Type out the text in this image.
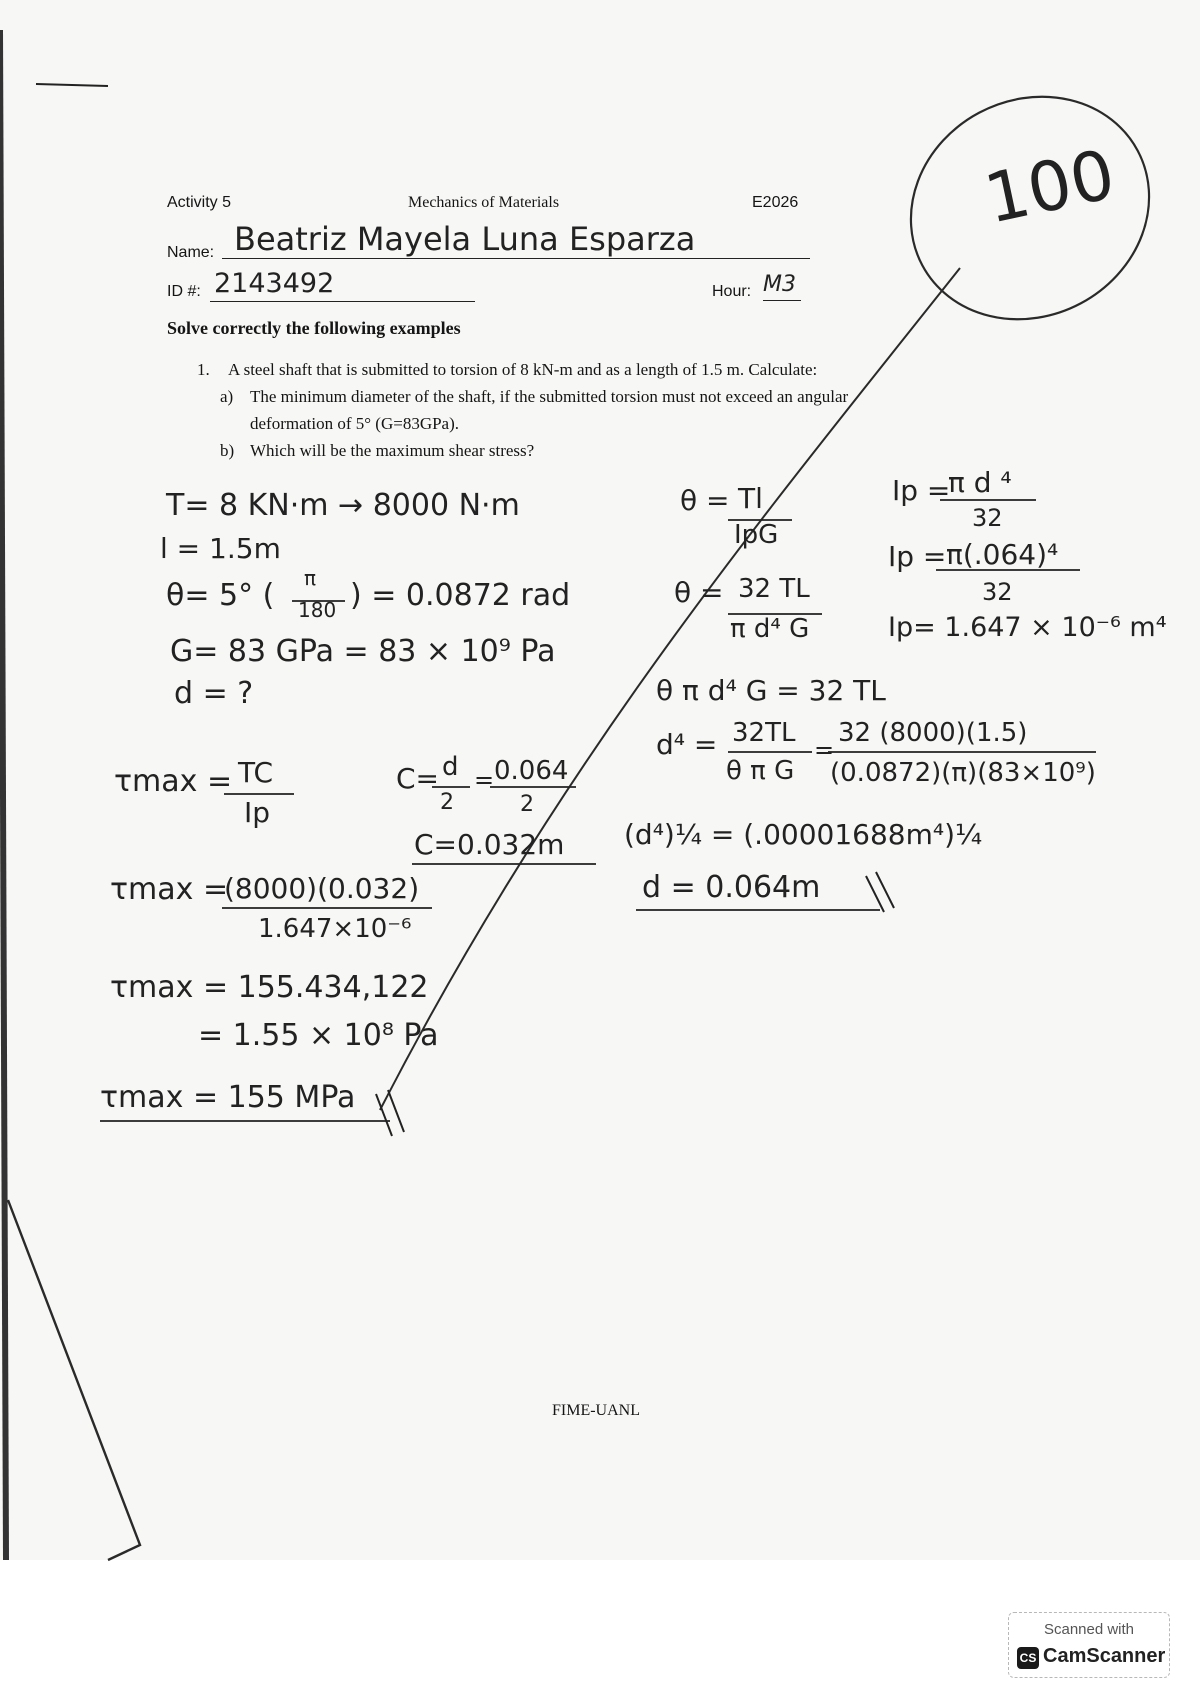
Activity 5	Mechanics of Materials	E2026	100
Name: Beatriz Mayela Luna Esparza
ID #: 2143492	Hour: M3
Solve correctly the following examples
1. A steel shaft that is submitted to torsion of 8 kN-m and as a length of 1.5 m. Calculate:
a) The minimum diameter of the shaft, if the submitted torsion must not exceed an angular
deformation of 5° (G=83GPa).
b) Which will be the maximum shear stress?
T= 8 KN·m → 8000 N·m
l = 1.5m
θ= 5° ( π
180 ) = 0.0872 rad
G= 83 GPa = 83 × 10⁹ Pa
d = ?
θ = Tl
IpG
θ = 32 TL
π d⁴ G
θ π d⁴ G = 32 TL
d⁴ = 32TL
θ π G
=
32 (8000)(1.5)
(0.0872)(π)(83×10⁹)
(d⁴)¼ = (.00001688m⁴)¼
d = 0.064m
Ip =
π d ⁴
32
Ip = π(.064)⁴
32
Ip= 1.647 × 10⁻⁶ m⁴
τmax = TC
Ip
C= d
2
= 0.064
2
C=0.032m
τmax =
(8000)(0.032)
1.647×10⁻⁶
τmax = 155.434,122
= 1.55 × 10⁸ Pa
τmax = 155 MPa
FIME-UANL
Scanned with
CS CamScanner
